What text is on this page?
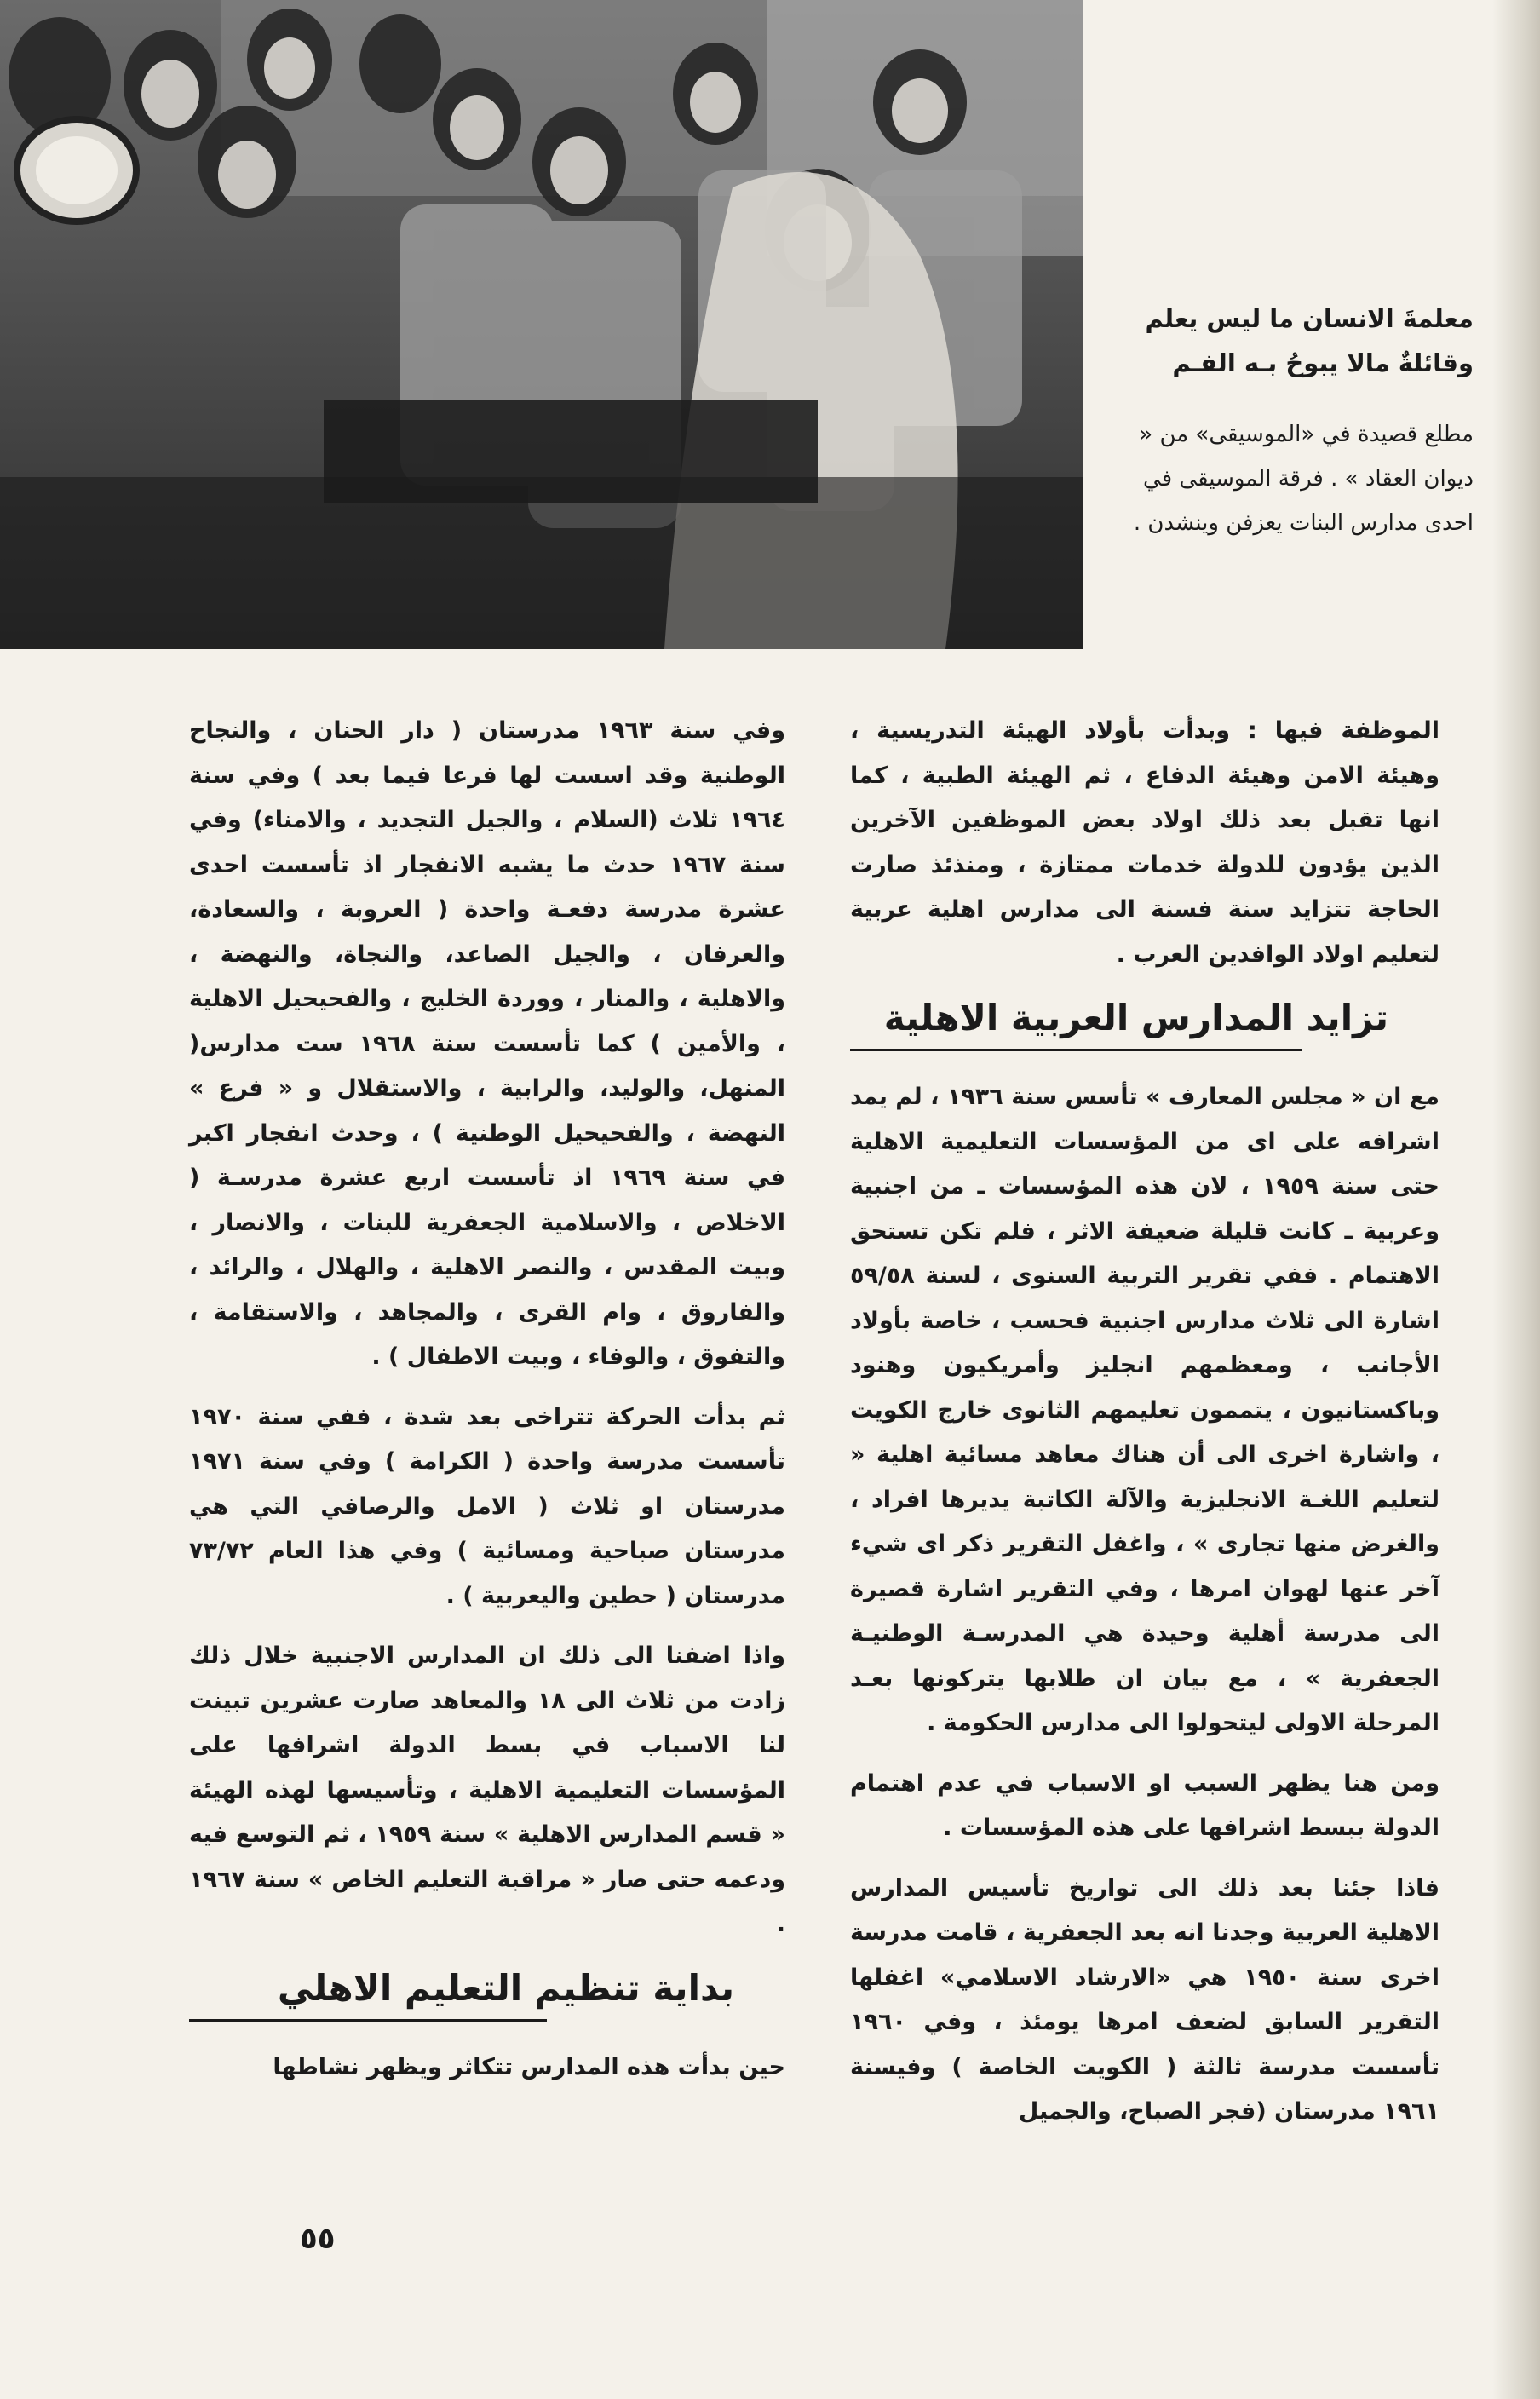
معلمةَ الانسان ما ليس يعلم
وقائلةٌ مالا يبوحُ بـه الفـم
مطلع قصيدة في «الموسيقى» من « ديوان العقاد » . فرقة الموسيقى في احدى مدارس البنات يعزفن وينشدن .

الموظفة فيها : وبدأت بأولاد الهيئة التدريسية ، وهيئة الامن وهيئة الدفاع ، ثم الهيئة الطبية ، كما انها تقبل بعد ذلك اولاد بعض الموظفين الآخرين الذين يؤدون للدولة خدمات ممتازة ، ومنذئذ صارت الحاجة تتزايد سنة فسنة الى مدارس اهلية عربية لتعليم اولاد الوافدين العرب .

تزايد المدارس العربية الاهلية

مع ان « مجلس المعارف » تأسس سنة ١٩٣٦ ، لم يمد اشرافه على اى من المؤسسات التعليمية الاهلية حتى سنة ١٩٥٩ ، لان هذه المؤسسات ـ من اجنبية وعربية ـ كانت قليلة ضعيفة الاثر ، فلم تكن تستحق الاهتمام . ففي تقرير التربية السنوى ، لسنة ٥٩/٥٨ اشارة الى ثلاث مدارس اجنبية فحسب ، خاصة بأولاد الأجانب ، ومعظمهم انجليز وأمريكيون وهنود وباكستانيون ، يتممون تعليمهم الثانوى خارج الكويت ، واشارة اخرى الى أن هناك معاهد مسائية اهلية « لتعليم اللغـة الانجليزية والآلة الكاتبة يديرها افراد ، والغرض منها تجارى » ، واغفل التقرير ذكر اى شيء آخر عنها لهوان امرها ، وفي التقرير اشارة قصيرة الى مدرسة أهلية وحيدة هي المدرسـة الوطنيـة الجعفرية » ، مع بيان ان طلابها يتركونها بعـد المرحلة الاولى ليتحولوا الى مدارس الحكومة .

ومن هنا يظهر السبب او الاسباب في عدم اهتمام الدولة ببسط اشرافها على هذه المؤسسات .

فاذا جئنا بعد ذلك الى تواريخ تأسيس المدارس الاهلية العربية وجدنا انه بعد الجعفرية ، قامت مدرسة اخرى سنة ١٩٥٠ هي «الارشاد الاسلامي» اغفلها التقرير السابق لضعف امرها يومئذ ، وفي ١٩٦٠ تأسست مدرسة ثالثة ( الكويت الخاصة ) وفيسنة ١٩٦١ مدرستان (فجر الصباح، والجميل

وفي سنة ١٩٦٣ مدرستان ( دار الحنان ، والنجاح الوطنية وقد اسست لها فرعا فيما بعد ) وفي سنة ١٩٦٤ ثلاث (السلام ، والجيل التجديد ، والامناء) وفي سنة ١٩٦٧ حدث ما يشبه الانفجار اذ تأسست احدى عشرة مدرسة دفعـة واحدة ( العروبة ، والسعادة، والعرفان ، والجيل الصاعد، والنجاة، والنهضة ، والاهلية ، والمنار ، ووردة الخليج ، والفحيحيل الاهلية ، والأمين ) كما تأسست سنة ١٩٦٨ ست مدارس( المنهل، والوليد، والرابية ، والاستقلال و « فرع » النهضة ، والفحيحيل الوطنية ) ، وحدث انفجار اكبر في سنة ١٩٦٩ اذ تأسست اربع عشرة مدرسـة ( الاخلاص ، والاسلامية الجعفرية للبنات ، والانصار ، وبيت المقدس ، والنصر الاهلية ، والهلال ، والرائد ، والفاروق ، وام القرى ، والمجاهد ، والاستقامة ، والتفوق ، والوفاء ، وبيت الاطفال ) .

ثم بدأت الحركة تتراخى بعد شدة ، ففي سنة ١٩٧٠ تأسست مدرسة واحدة ( الكرامة ) وفي سنة ١٩٧١ مدرستان او ثلاث ( الامل والرصافي التي هي مدرستان صباحية ومسائية ) وفي هذا العام ٧٣/٧٢ مدرستان ( حطين واليعربية ) .

واذا اضفنا الى ذلك ان المدارس الاجنبية خلال ذلك زادت من ثلاث الى ١٨ والمعاهد صارت عشرين تبينت لنا الاسباب في بسط الدولة اشرافها على المؤسسات التعليمية الاهلية ، وتأسيسها لهذه الهيئة « قسم المدارس الاهلية » سنة ١٩٥٩ ، ثم التوسع فيه ودعمه حتى صار « مراقبة التعليم الخاص » سنة ١٩٦٧ .

بداية تنظيم التعليم الاهلي

حين بدأت هذه المدارس تتكاثر ويظهر نشاطها

٥٥
